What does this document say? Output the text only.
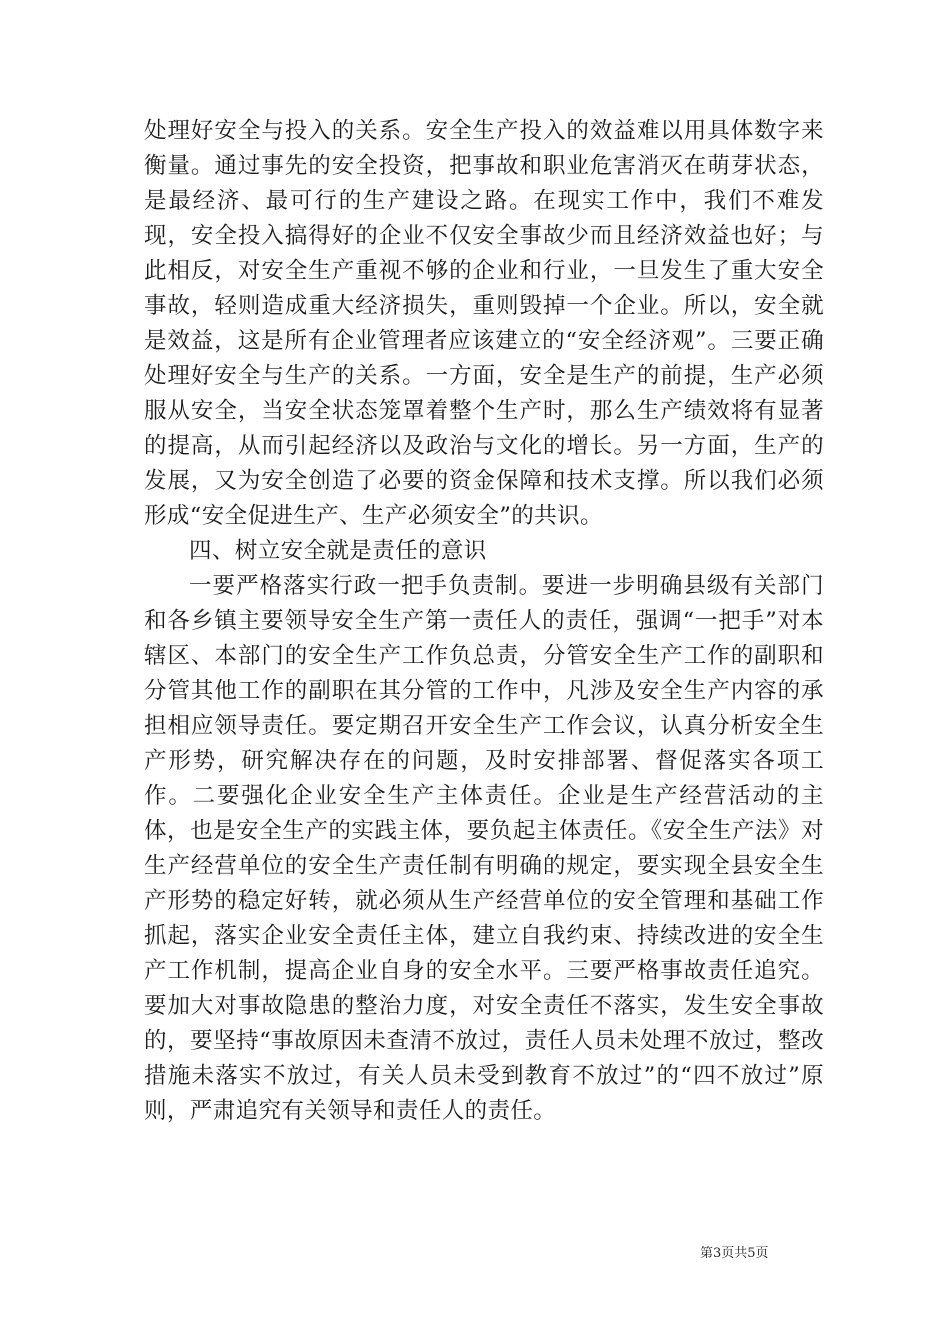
处理好安全与投入的关系。安全生产投入的效益难以用具体数字来衡量。通过事先的安全投资，把事故和职业危害消灭在萌芽状态，是最经济、最可行的生产建设之路。在现实工作中，我们不难发现，安全投入搞得好的企业不仅安全事故少而且经济效益也好；与此相反，对安全生产重视不够的企业和行业，一旦发生了重大安全事故，轻则造成重大经济损失，重则毁掉一个企业。所以，安全就是效益，这是所有企业管理者应该建立的“安全经济观”。三要正确处理好安全与生产的关系。一方面，安全是生产的前提，生产必须服从安全，当安全状态笼罩着整个生产时，那么生产绩效将有显著的提高，从而引起经济以及政治与文化的增长。另一方面，生产的发展，又为安全创造了必要的资金保障和技术支撑。所以我们必须形成“安全促进生产、生产必须安全”的共识。

四、树立安全就是责任的意识

一要严格落实行政一把手负责制。要进一步明确县级有关部门和各乡镇主要领导安全生产第一责任人的责任，强调“一把手”对本辖区、本部门的安全生产工作负总责，分管安全生产工作的副职和分管其他工作的副职在其分管的工作中，凡涉及安全生产内容的承担相应领导责任。要定期召开安全生产工作会议，认真分析安全生产形势，研究解决存在的问题，及时安排部署、督促落实各项工作。二要强化企业安全生产主体责任。企业是生产经营活动的主体，也是安全生产的实践主体，要负起主体责任。《安全生产法》对生产经营单位的安全生产责任制有明确的规定，要实现全县安全生产形势的稳定好转，就必须从生产经营单位的安全管理和基础工作抓起，落实企业安全责任主体，建立自我约束、持续改进的安全生产工作机制，提高企业自身的安全水平。三要严格事故责任追究。要加大对事故隐患的整治力度，对安全责任不落实，发生安全事故的，要坚持“事故原因未查清不放过，责任人员未处理不放过，整改措施未落实不放过，有关人员未受到教育不放过”的“四不放过”原则，严肃追究有关领导和责任人的责任。

第3页共5页
